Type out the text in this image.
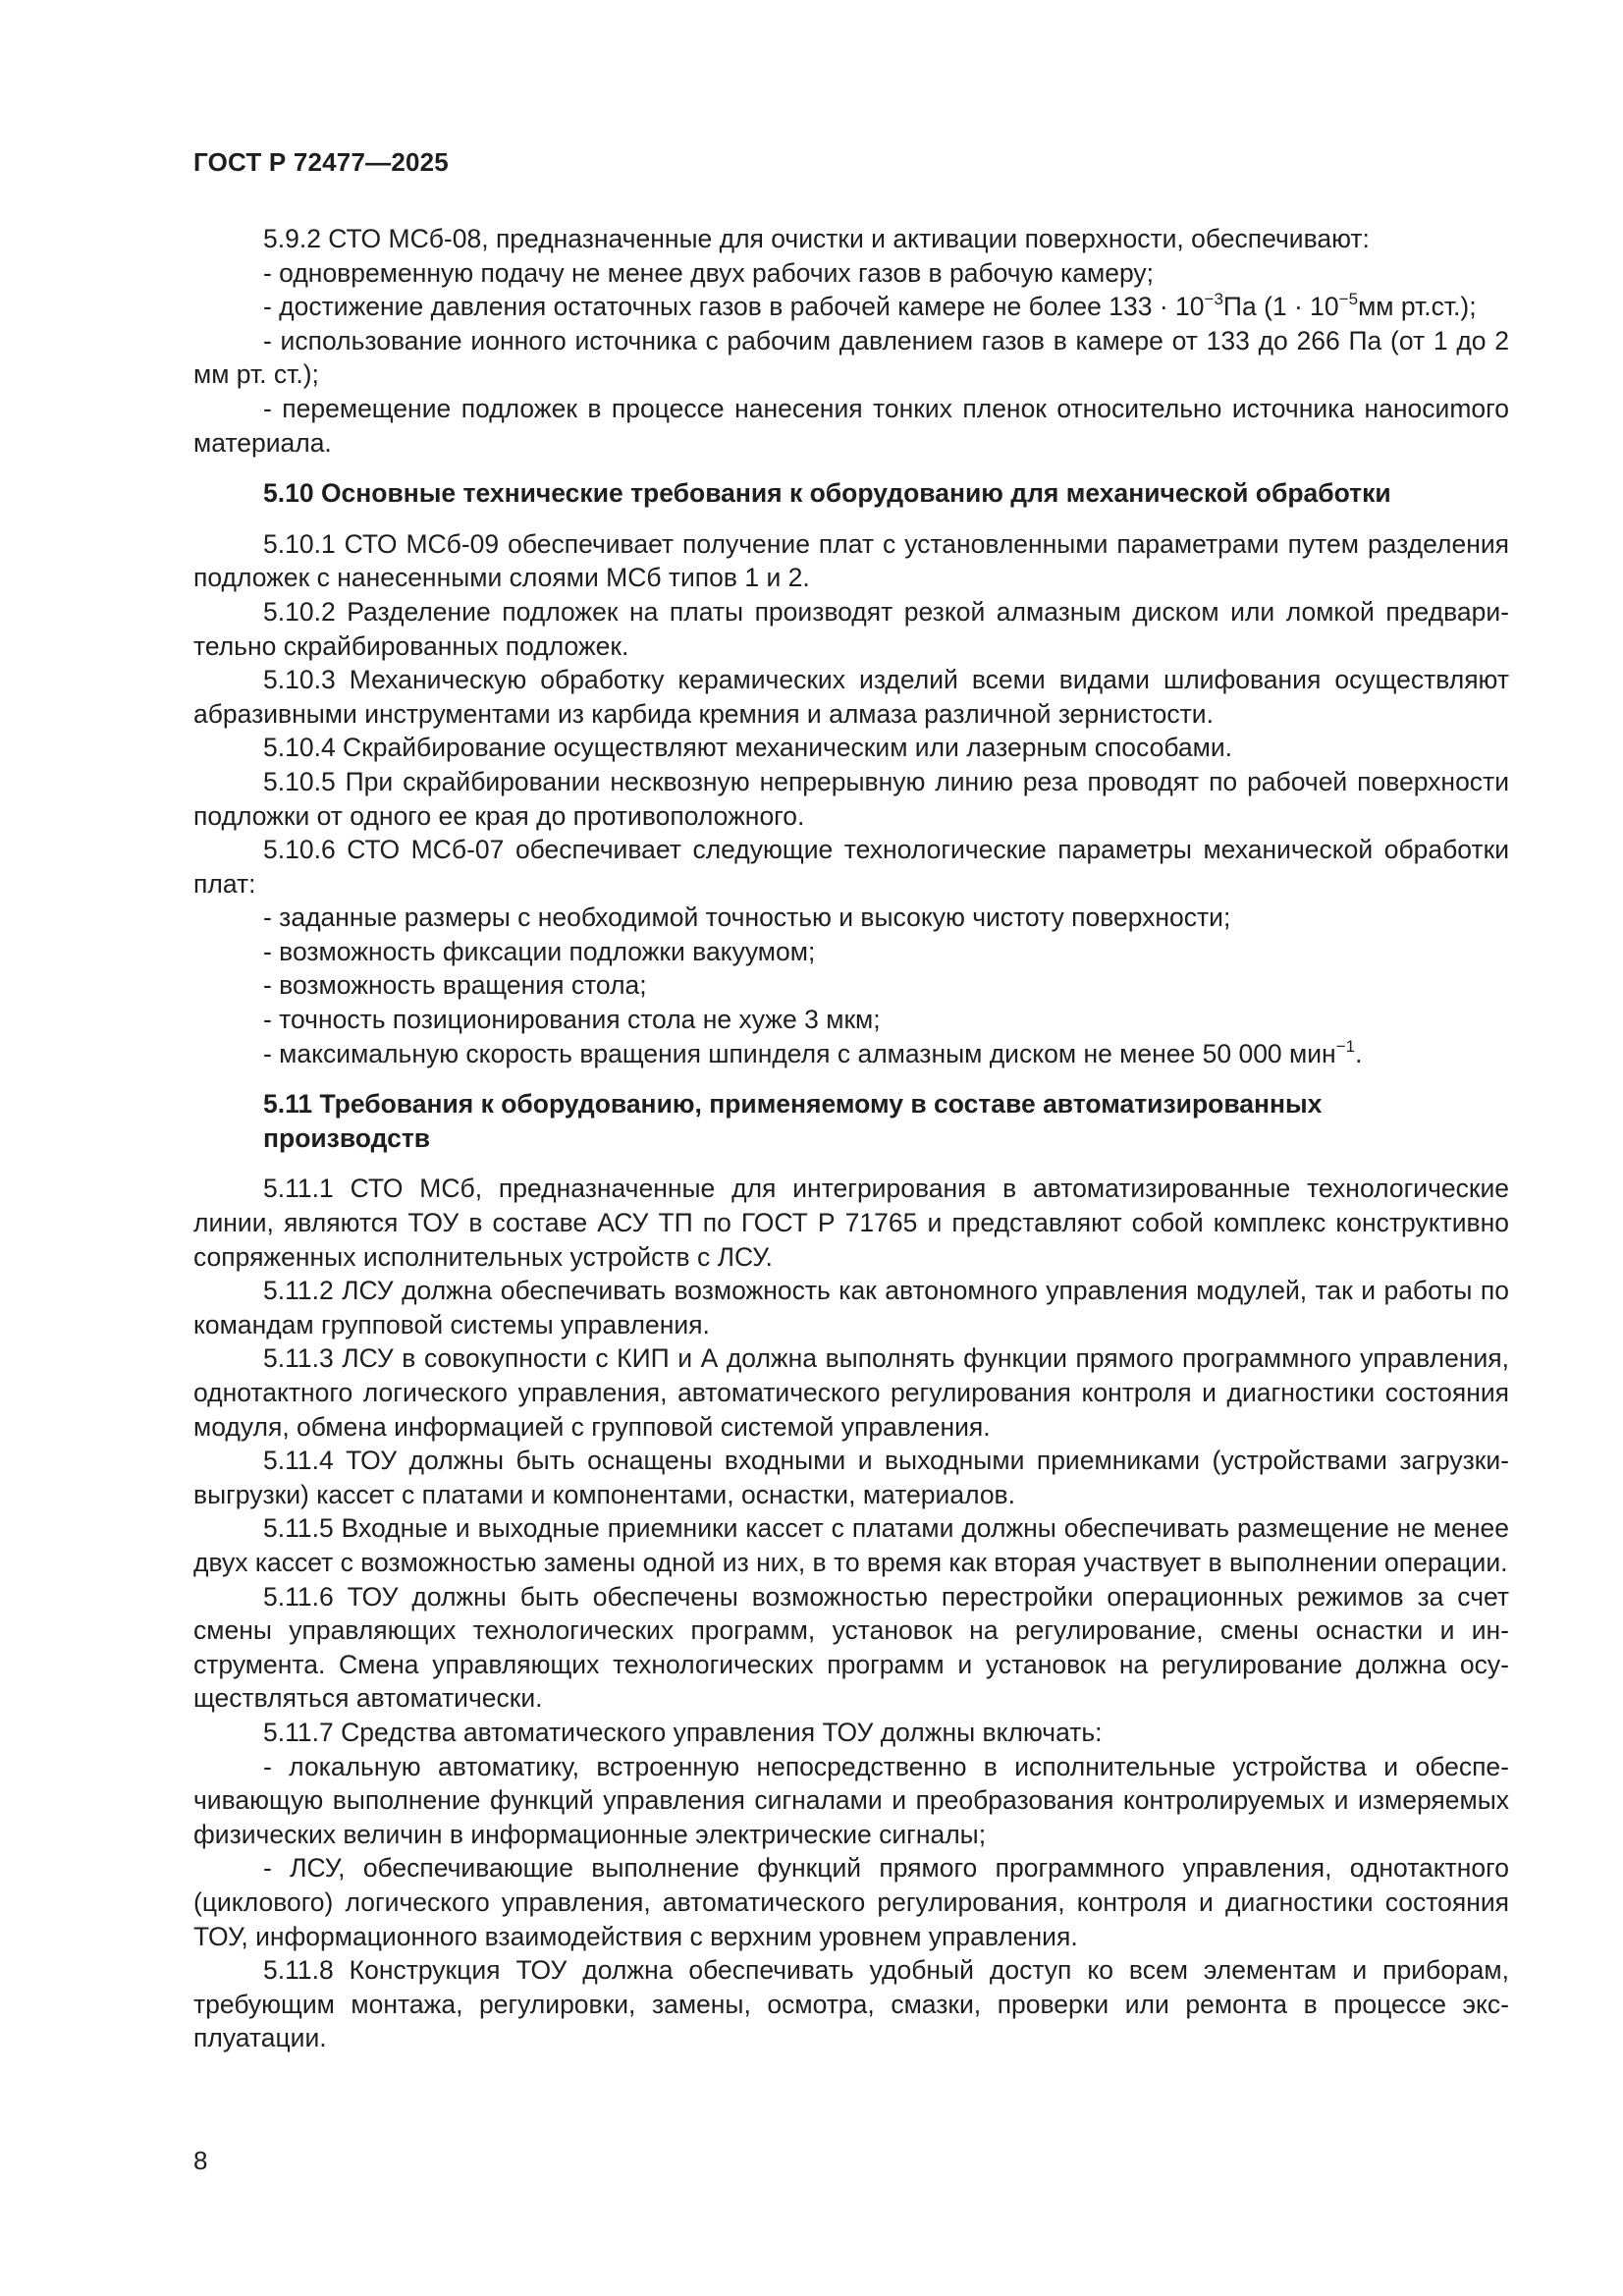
ГОСТ Р 72477—2025

5.9.2 СТО МСб-08, предназначенные для очистки и активации поверхности, обеспечивают:

- одновременную подачу не менее двух рабочих газов в рабочую камеру;

- достижение давления остаточных газов в рабочей камере не более $133 \cdot 10^{-3}Па$ ($1 \cdot 10^{-5}мм$ рт.ст.);

- использование ионного источника с рабочим давлением газов в камере от 133 до 266 Па (от 1 до 2 мм рт. ст.);

- перемещение подложек в процессе нанесения тонких пленок относительно источника наносиmого материала.

5.10 Основные технические требования к оборудованию для механической обработки

5.10.1 СТО МСб-09 обеспечивает получение плат с установленными параметрами путем разделения подложек с нанесенными слоями МСб типов 1 и 2.

5.10.2 Разделение подложек на платы производят резкой алмазным диском или ломкой предварительно скрайбированных подложек.

5.10.3 Механическую обработку керамических изделий всеми видами шлифования осуществляют абразивными инструментами из карбида кремния и алмаза различной зернистости.

5.10.4 Скрайбирование осуществляют механическим или лазерным способами.

5.10.5 При скрайбировании несквозную непрерывную линию реза проводят по рабочей поверхности подложки от одного ее края до противоположного.

5.10.6 СТО МСб-07 обеспечивает следующие технологические параметры механической обработки плат:

- заданные размеры с необходимой точностью и высокую чистоту поверхности;

- возможность фиксации подложки вакуумом;

- возможность вращения стола;

- точность позиционирования стола не хуже 3 мкм;

- максимальную скорость вращения шпинделя с алмазным диском не менее 50 000 мин$^{-1}$.

5.11 Требования к оборудованию, применяемому в составе автоматизированных
производств

5.11.1 СТО МСб, предназначенные для интегрирования в автоматизированные технологические линии, являются ТОУ в составе АСУ ТП по ГОСТ Р 71765 и представляют собой комплекс конструктивно сопряженных исполнительных устройств с ЛСУ.

5.11.2 ЛСУ должна обеспечивать возможность как автономного управления модулей, так и работы по командам групповой системы управления.

5.11.3 ЛСУ в совокупности с КИП и А должна выполнять функции прямого программного управления, однотактного логического управления, автоматического регулирования контроля и диагностики состояния модуля, обмена информацией с групповой системой управления.

5.11.4 ТОУ должны быть оснащены входными и выходными приемниками (устройствами загрузки-выгрузки) кассет с платами и компонентами, оснастки, материалов.

5.11.5 Входные и выходные приемники кассет с платами должны обеспечивать размещение не менее двух кассет с возможностью замены одной из них, в то время как вторая участвует в выполнении операции.

5.11.6 ТОУ должны быть обеспечены возможностью перестройки операционных режимов за счет смены управляющих технологических программ, установок на регулирование, смены оснастки и инструмента. Смена управляющих технологических программ и установок на регулирование должна осуществляться автоматически.

5.11.7 Средства автоматического управления ТОУ должны включать:

- локальную автоматику, встроенную непосредственно в исполнительные устройства и обеспечивающую выполнение функций управления сигналами и преобразования контролируемых и измеряемых физических величин в информационные электрические сигналы;

- ЛСУ, обеспечивающие выполнение функций прямого программного управления, однотактного (циклового) логического управления, автоматического регулирования, контроля и диагностики состояния ТОУ, информационного взаимодействия с верхним уровнем управления.

5.11.8 Конструкция ТОУ должна обеспечивать удобный доступ ко всем элементам и приборам, требующим монтажа, регулировки, замены, осмотра, смазки, проверки или ремонта в процессе эксплуатации.

8
